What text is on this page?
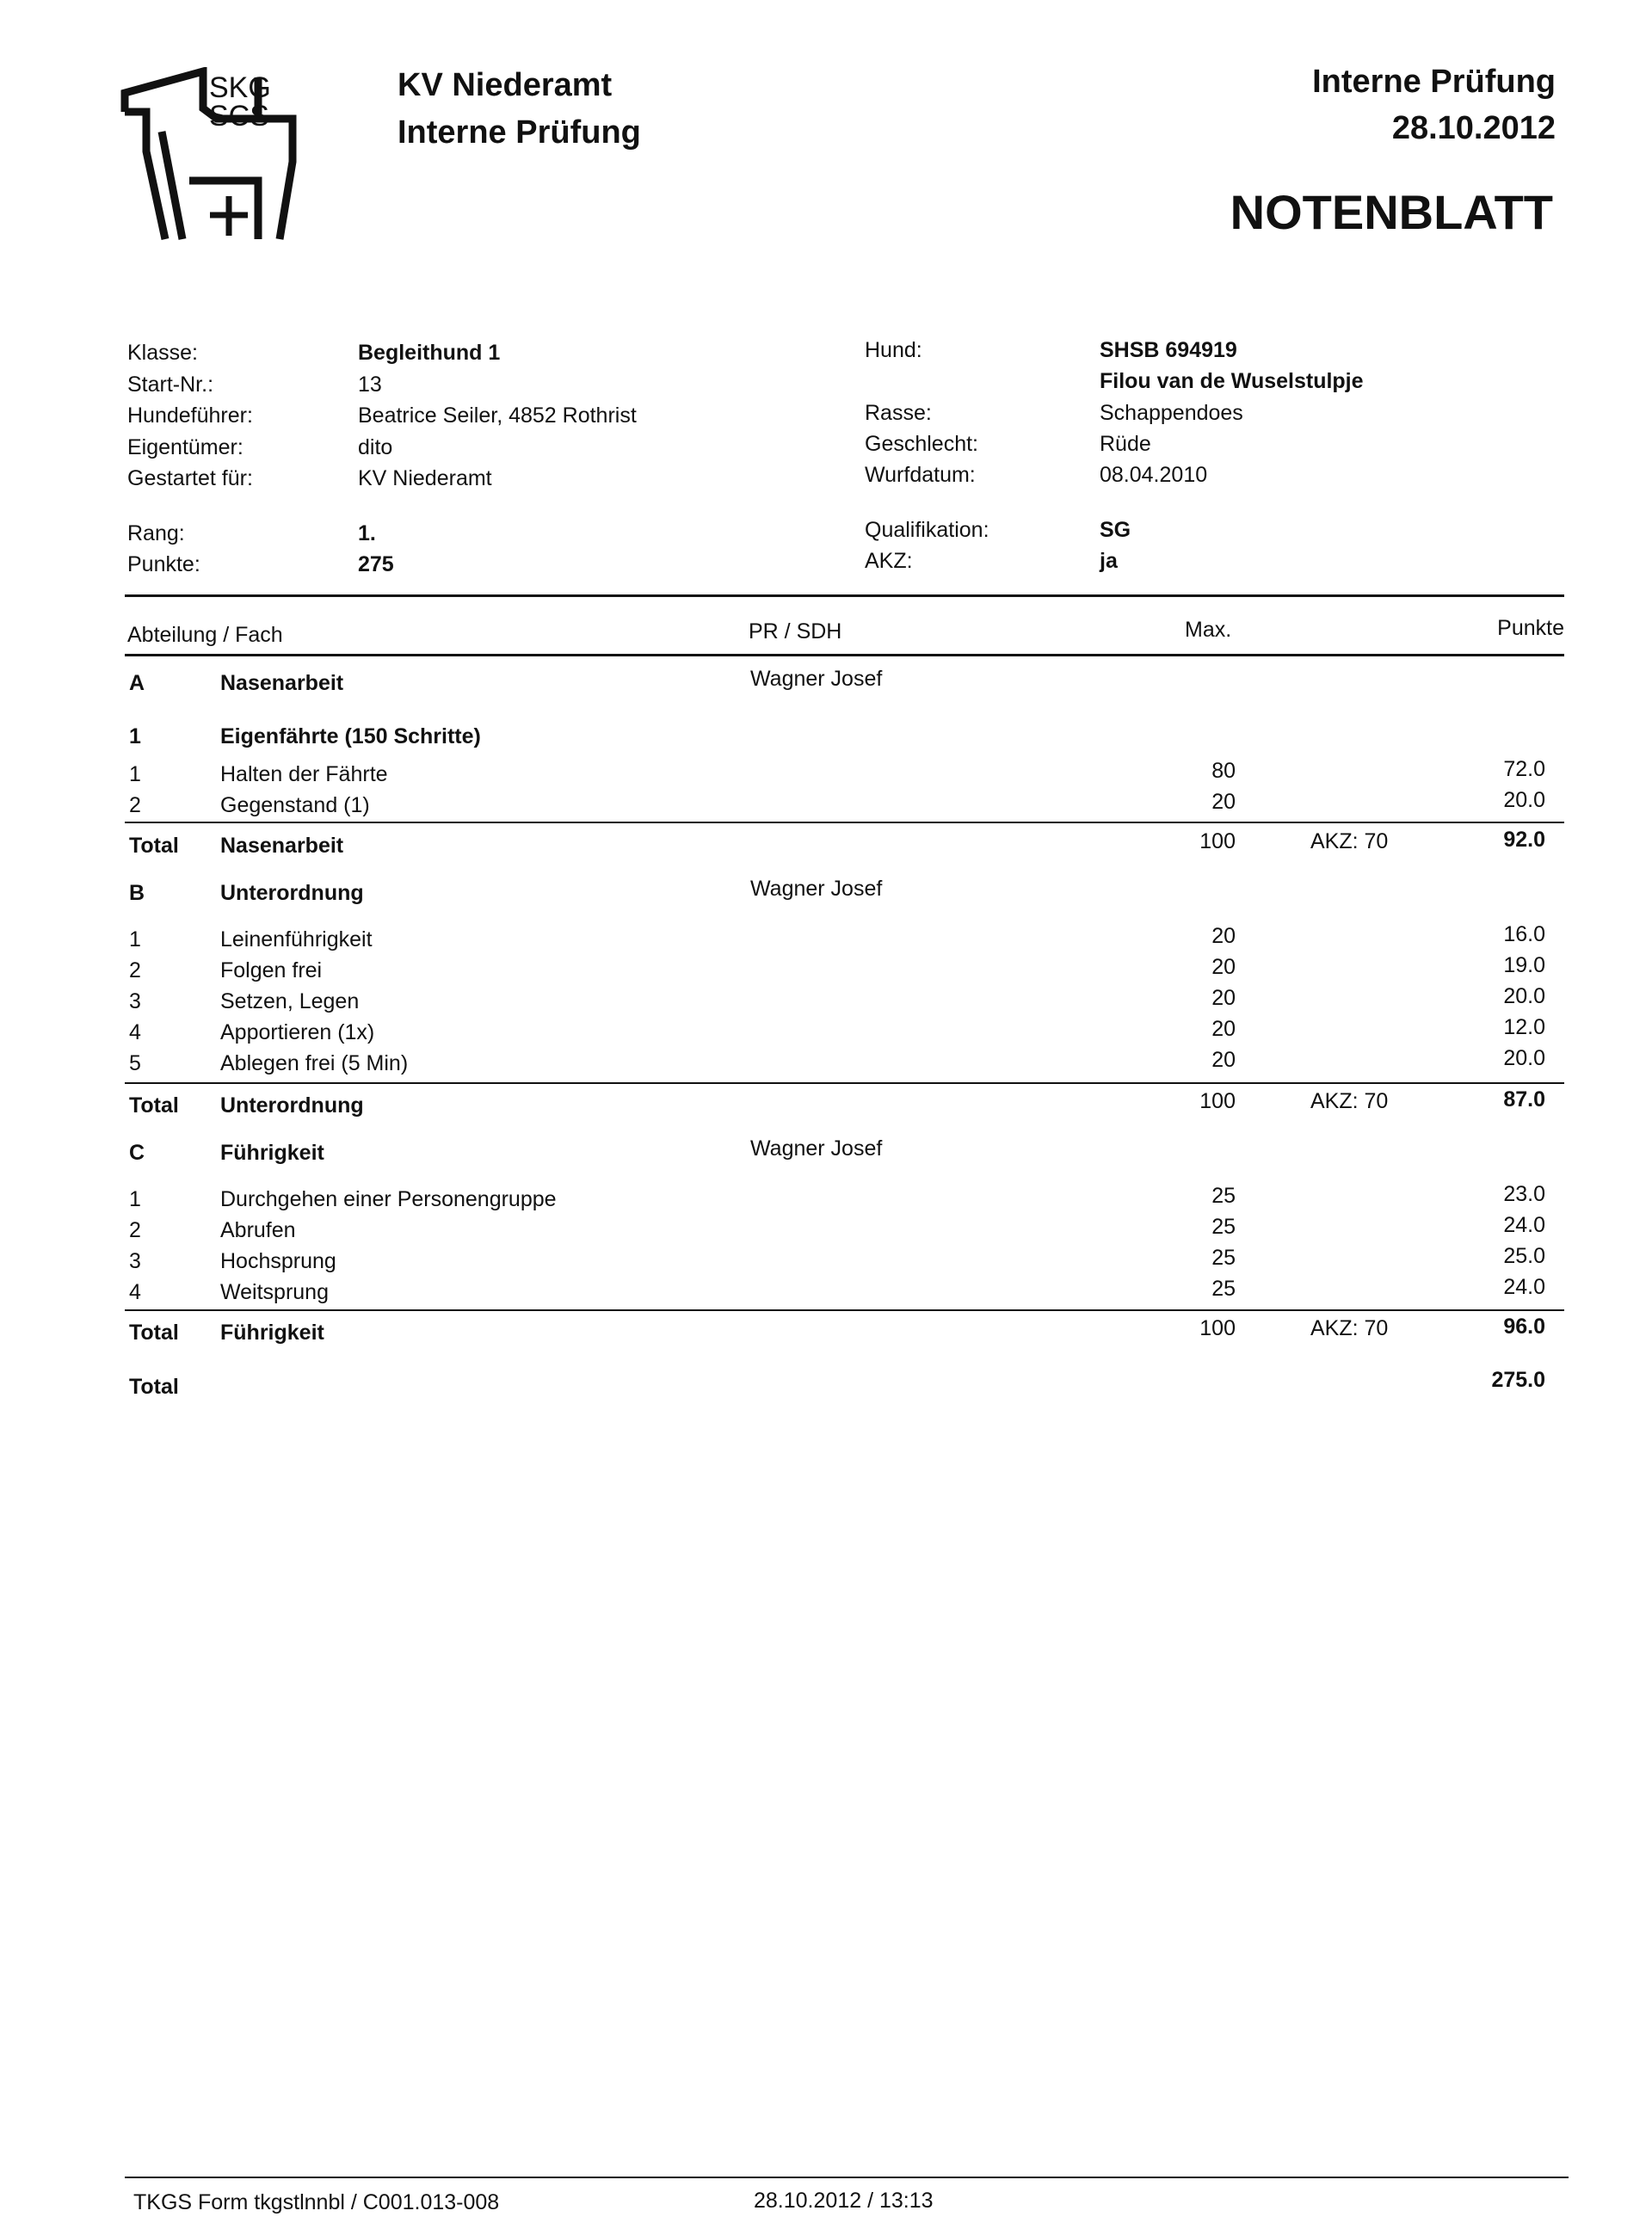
SKG
SCS
KV Niederamt
Interne Prüfung
Interne Prüfung
28.10.2012
NOTENBLATT
Klasse:	Begleithund 1
Start-Nr.:	13
Hundeführer:	Beatrice Seiler, 4852 Rothrist
Eigentümer:	dito
Gestartet für:	KV Niederamt
Rang:	1.
Punkte:	275
Hund:	SHSB 694919
Filou van de Wuselstulpje
Rasse:	Schappendoes
Geschlecht:	Rüde
Wurfdatum:	08.04.2010
Qualifikation:	SG
AKZ:	ja
Abteilung / Fach	PR / SDH	Max.	Punkte
A	Nasenarbeit	Wagner Josef
1	Eigenfährte (150 Schritte)
1	Halten der Fährte	80	72.0
2	Gegenstand (1)	20	20.0
Total Nasenarbeit	100	AKZ: 70	92.0
B	Unterordnung	Wagner Josef
1	Leinenführigkeit	20	16.0
2	Folgen frei	20	19.0
3	Setzen, Legen	20	20.0
4	Apportieren (1x)	20	12.0
5	Ablegen frei (5 Min)	20	20.0
Total Unterordnung	100	AKZ: 70	87.0
C	Führigkeit	Wagner Josef
1	Durchgehen einer Personengruppe	25	23.0
2	Abrufen	25	24.0
3	Hochsprung	25	25.0
4	Weitsprung	25	24.0
Total Führigkeit	100	AKZ: 70	96.0
Total	275.0
TKGS Form tkgstlnnbl / C001.013-008	28.10.2012 / 13:13
